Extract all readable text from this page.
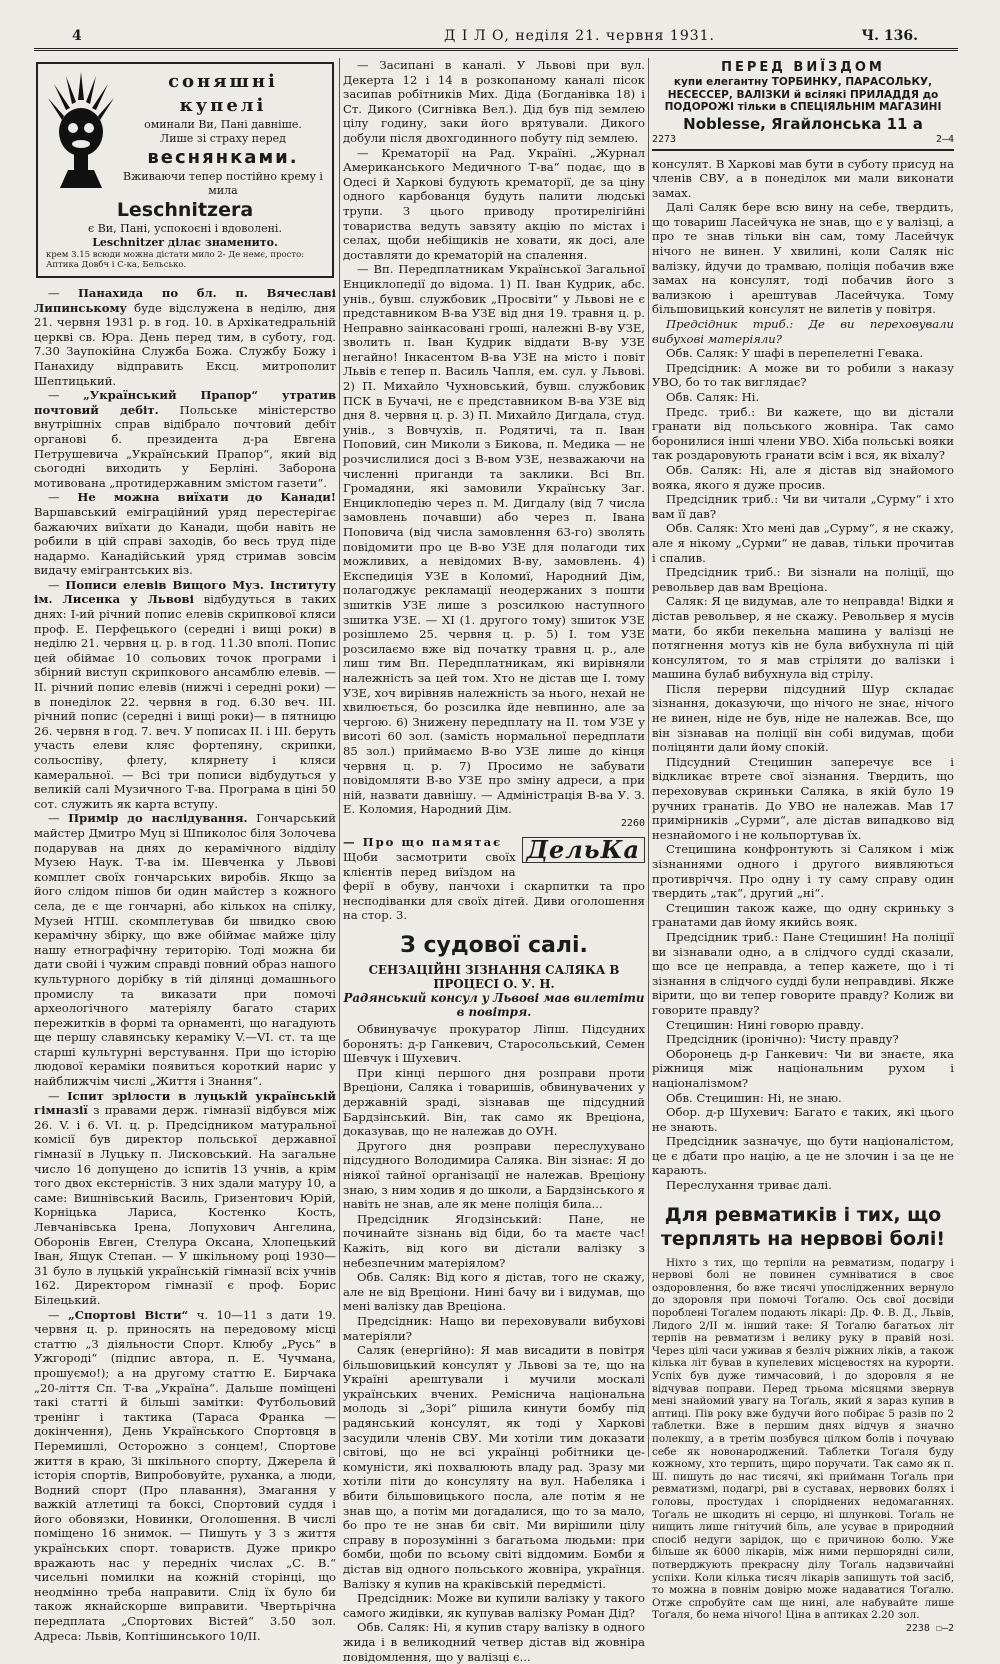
4	Д І Л О, неділя 21. червня 1931.	Ч. 136.
соняшні купелі
оминали Ви, Пані давніше.
Лише зі страху перед
веснянками.
Вживаючи тепер постійно крему і мила
Leschnitzera
є Ви, Пані, успокоєні і вдоволені.
Leschnitzer ділає знаменито.
крем 3.15 всюди можна дістати мило 2- Де немє, просто: Аптика Довбч і С-ка, Бельсько.

— Панахида по бл. п. Вячеславі Липинському буде відслужена в неділю, дня 21. червня 1931 р. в год. 10. в Архікатедральній церкві св. Юра. День перед тим, в суботу, год. 7.30 Заупокійна Служба Божа. Службу Божу і Панахиду відправить Ексц. митрополит Шептицький.

— „Український Прапор“ утратив почтовий дебіт. Польське міністерство внутрішніх справ відібрало почтовий дебіт органові б. президента д-ра Евгена Петрушевича „Український Прапор“, який від сьогодні виходить у Берліні. Заборона мотивована „протидержавним змістом газети“.

— Не можна виїхати до Канади! Варшавський еміграційний уряд перестерігає бажаючих виїхати до Канади, щоби навіть не робили в цій справі заходів, бо весь труд піде надармо. Канадійський уряд стримав зовсім видачу емігрантських віз.

— Пописи елевів Вищого Муз. Інституту ім. Лисенка у Львові відбудуться в таких днях: І-ий річний попис елевів скрипкової кляси проф. Е. Перфецького (середні і вищі роки) в неділю 21. червня ц. р. в год. 11.30 вполі. Попис цей обіймає 10 сольових точок програми і збірний виступ скрипкового ансамблю елевів. — ІІ. річний попис елевів (нижчі і середні роки) — в понеділок 22. червня в год. 6.30 веч. ІІІ. річний попис (середні і вищі роки)— в пятницю 26. червня в год. 7. веч. У пописах ІІ. і ІІІ. беруть участь елеви кляс фортепяну, скрипки, сольоспіву, флету, клярнету і кляси камеральної. — Всі три пописи відбудуться у великій салі Музичного Т-ва. Програма в ціні 50 сот. служить як карта вступу.

— Примір до наслідування. Гончарський майстер Дмитро Муц зі Шпиколос біля Золочева подарував на днях до керамічного відділу Музею Наук. Т-ва ім. Шевченка у Львові комплет своїх гончарських виробів. Якщо за його слідом пішов би один майстер з кожного села, де є ще гончарні, або кількох на спілку, Музей НТШ. скомплетував би швидко свою керамічну збірку, що вже обіймає майже цілу нашу етнографічну територію. Тоді можна би дати свойі і чужим справді повний образ нашого культурного дорібку в тій ділянці домашнього промислу та виказати при помочі археологічного матеріялу багато старих пережитків в формі та орнаменті, що нагадують ще першу славянську кераміку V.—VI. ст. та ще старші культурні верстування. При що історію людової кераміки появиться короткий нарис у найближчім числі „Життя і Знання“.

— Іспит зрілости в луцькій українській гімназії з правами держ. гімназії відбувся між 26. V. і 6. VI. ц. р. Предсідником матуральної комісії був директор польської державної гімназії в Луцьку п. Лисковський. На загальне число 16 допущено до іспитів 13 учнів, а крім того двох екстерністів. З них здали матуру 10, а саме: Вишнівський Василь, Гризентович Юрій, Корніцька Лариса, Костенко Кость, Левчанівська Ірена, Лопухович Ангелина, Оборонів Евген, Стелура Оксана, Хлопецький Іван, Ящук Степан. — У шкільному році 1930—31 було в луцькій українській гімназії всіх учнів 162. Директором гімназії є проф. Борис Білецький.

— „Спортові Вісти“ ч. 10—11 з дати 19. червня ц. р. приносять на передовому місці статтю „З діяльности Спорт. Клюбу „Русь“ в Ужгороді“ (підпис автора, п. Е. Чучмана, прошуємо!); а на другому статтю Е. Бирчака „20-ліття Сп. Т-ва „Україна“. Дальше поміщені такі статті й більші замітки: Футбольовий тренінг і тактика (Тараса Франка — докінчення), День Українського Спортовця в Перемишлі, Осторожно з сонцем!, Спортове життя в краю, Зі шкільного спорту, Джерела й історія спортів, Випробовуйте, руханка, а люди, Водний спорт (Про плавання), Змагання у важкій атлетиці та боксі, Спортовий суддя і його обовязки, Новинки, Оголошення. В числі поміщено 16 знимок. — Пишуть у З з життя українських спорт. товариств. Дуже прикро вражають нас у передніх числах „С. В.“ чисельні помилки на кожній сторінці, що неодмінно треба направити. Слід їх було би також якнайскорше виправити. Чвертьрічна передплата „Спортових Вістей“ 3.50 зол. Адреса: Львів, Коптішинського 10/ІІ.

— Засипані в каналі. У Львові при вул. Декерта 12 і 14 в розкопаному каналі пісок засипав робітників Мих. Діда (Богданівка 18) і Ст. Дикого (Сигнівка Вел.). Дід був під землею цілу годину, заки його врятували. Дикого добули після двохгодинного побуту під землею.

— Крематорії на Рад. Україні. „Журнал Американського Медичного Т-ва“ подає, що в Одесі й Харкові будують крематорії, де за ціну одного карбованця будуть палити людські трупи. З цього приводу протирелігійні товариства ведуть завзяту акцію по містах і селах, щоби небіщиків не ховати, як досі, але доставляти до крематорій на спалення.

— Вп. Передплатникам Української Загальної Енциклопедії до відома. 1) П. Іван Кудрик, абс. унів., бувш. службовик „Просвіти“ у Львові не є представником В-ва УЗЕ від дня 19. травня ц. р. Неправно заінкасовані гроші, належні В-ву УЗЕ, зволить п. Іван Кудрик віддати В-ву УЗЕ негайно! Інкасентом В-ва УЗЕ на місто і повіт Львів є тепер п. Василь Чапля, ем. сул. у Львові. 2) П. Михайло Чухновський, бувш. службовик ПСК в Бучачі, не є представником В-ва УЗЕ від дня 8. червня ц. р. 3) П. Михайло Дигдала, студ. унів., з Вовчухів, п. Родятичі, та п. Іван Поповий, син Миколи з Бикова, п. Медика — не розчислилися досі з В-вом УЗЕ, незважаючи на численні приганди та заклики. Всі Вп. Громадяни, які замовили Українську Заг. Енциклопедію через п. М. Дигдалу (від 7 числа замовлень почавши) або через п. Івана Поповича (від числа замовлення 63-го) зволять повідомити про це В-во УЗЕ для полагоди тих можливих, а невідомих В-ву, замовлень. 4) Експедиція УЗЕ в Коломиї, Народний Дім, полагоджує рекламації неодержаних з пошти зшитків УЗЕ лише з розсилкою наступного зшитка УЗЕ. — XI (1. другого тому) зшиток УЗЕ розішлемо 25. червня ц. р. 5) І. том УЗЕ розсилаємо вже від початку травня ц. р., але лиш тим Вп. Передплатникам, які вирівняли належність за цей том. Хто не дістав ще І. тому УЗЕ, хоч вирівняв належність за нього, нехай не хвилюється, бо розсилка йде невпинно, але за чергою. 6) Знижену передплату на ІІ. том УЗЕ у висоті 60 зол. (замість нормальної передплати 85 зол.) приймаємо В-во УЗЕ лише до кінця червня ц. р. 7) Просимо не забувати повідомляти В-во УЗЕ про зміну адреси, а при ній, назвати давнішу. — Адміністрація В-ва У. З. Е. Коломия, Народний Дім.

2260

ДельКа

— Про що памятає

Щоби засмотрити своїх клієнтів перед виїздом на ферії в обуву, панчохи і скарпитки та про несподіванки для своїх дітей. Диви оголошення на стор. 3.

З судової салі.
СЕНЗАЦІЙНІ ЗІЗНАННЯ САЛЯКА В ПРОЦЕСІ О. У. Н.
Радянський консул у Львові мав вилетіти в повітря.

Обвинувачує прокуратор Ліпш. Підсудних боронять: д-р Ганкевич, Старосольський, Семен Шевчук і Шухевич.

При кінці першого дня розправи проти Вреціони, Саляка і товаришів, обвинувачених у державній зраді, зізнавав ще підсудний Бардзінський. Він, так само як Вреціона, доказував, що не належав до ОУН.

Другого дня розправи переслухувано підсудного Володимира Саляка. Він зізнає: Я до ніякої тайної організації не належав. Вреціону знаю, з ним ходив я до школи, а Бардзінського я навіть не знав, але як мене поліція била...

Предсідник Ягодзінський: Пане, не починайте зізнань від біди, бо та маєте час! Кажіть, від кого ви дістали валізку з небезпечним матеріялом?

Обв. Саляк: Від кого я дістав, того не скажу, але не від Вреціони. Нині бачу ви і видумав, що мені валізку дав Вреціона.

Предсідник: Нащо ви переховували вибухові матеріяли?

Саляк (енергійно): Я мав висадити в повітря більшовицький консулят у Львові за те, що на Україні арештували і мучили москалі українських вчених. Ремісничa національна молодь зі „Зорі“ рішила кинути бомбу під радянський консулят, як тоді у Харкові засудили членів СВУ. Ми хотіли тим доказати світові, що не всі українці робітники це-комуністи, які похвалюють владу рад. Зразу ми хотіли піти до консуляту на вул. Набеляка і вбити більшовицького посла, але потім я не знав що, а потім ми догадалися, що то за мало, бо про те не знав би світ. Ми вирішили цілу справу в порозумінні з багатьома людьми: при бомби, щоби по всьому світі віддомим. Бомби я дістав від одного польського жовніра, українця. Валізку я купив на краківській передмісті.

Предсідник: Може ви купили валізку у такого самого жидівки, як купував валізку Роман Дід?

Обв. Саляк: Ні, я купив стару валізку в одного жида і в великодний четвер дістав від жовніра повідомлення, що у валізці є...

ПЕРЕД ВИЇЗДОМ
купи елегантну ТОРБИНКУ, ПАРАСОЛЬКУ, НЕСЕССЕР, ВАЛІЗКИ й всілякі ПРИЛАДДЯ до ПОДОРОЖІ тільки в СПЕЦІЯЛЬНІМ МАГАЗИНІ
Noblesse, Ягайлонська 11 а
2273	2—4

консулят. В Харкові мав бути в суботу присуд на членів СВУ, а в понеділок ми мали виконати замах.

Далі Саляк бере всю вину на себе, твердить, що товариш Ласейчука не знав, що є у валізці, а про те знав тільки він сам, тому Ласейчук нічого не винен. У хвилині, коли Саляк ніс валізку, йдучи до трамваю, поліція побачив вже замах на консулят, тоді пoбачив його з вализкою і арештував Ласейчука. Тому більшовицький консулят не вилетів у повітря.

Предсідник триб.: Де ви переховували вибухові матеріяли?

Обв. Саляк: У шафі в перепелетні Гевака.

Предсідник: А може ви то робили з наказу УВО, бо то так виглядає?

Обв. Саляк: Ні.

Предс. триб.: Ви кажете, що ви дістали гранати від польського жовніра. Так само боронилися інші члени УВО. Хіба польські вояки так роздаровують гранати всім і вся, як віхалу?

Обв. Саляк: Ні, але я дістав від знайомого вояка, якого я дуже просив.

Предсідник триб.: Чи ви читали „Сурму“ і хто вам її дав?

Обв. Саляк: Хто мені дав „Сурму“, я не скажу, але я нікому „Сурми“ не давав, тільки прочитав і спалив.

Предсідник триб.: Ви зізнали на поліції, що револьвер дав вам Вреціона.

Саляк: Я це видумав, але то неправда! Відки я дістав револьвер, я не скажу. Револьвер я мусів мати, бо якби пекельна машина у валізці не потягнення мотуз ків не була вибухнула пі цій консулятом, то я мав стріляти до валізки і машина булаб вибухнула від стрілу.

Після перерви підсудний Шур складає зізнання, доказуючи, що нічого не знає, нічого не винен, ніде не був, ніде не належав. Все, що він зізнавав на поліції він собі видумав, щоби поліцянти дали йому спокій.

Підсудний Стецишин заперечує все і відкликає втрете свої зізнання. Твердить, що переховував скриньки Саляка, в якій було 19 ручних гранатів. До УВО не належав. Мав 17 примірників „Сурми“, але дістав випадково від незнайомого і не кольпортував їх.

Стецишина конфронтують зі Саляком і між зізнаннями одного і другого виявляються противріччя. Про одну і ту саму справу один твердить „так“, другий „ні“.

Стецишин також каже, що одну скриньку з гранатами дав йому якийсь вояк.

Предсідник триб.: Пане Стецишин! На поліції ви зізнавали одно, а в слідчого судді сказали, що все це неправда, а тепер кажете, що і ті зізнання в слідчого судді були неправдиві. Якже вірити, що ви тепер говорите правду? Колиж ви говорите правду?

Стецишин: Нині говорю правду.

Предсідник (іронічно): Чисту правду?

Оборонець д-р Ганкевич: Чи ви знаєте, яка ріжниця між національним рухом і націоналізмом?

Обв. Стецишин: Ні, не знаю.

Обор. д-р Шухевич: Багато є таких, які цього не знають.

Предсідник зазначує, що бути націоналістом, це є дбати про націю, а це не злочин і за це не карають.

Переслухання триває далі.

Для ревматиків і тих, що терплять на нервові болі!

Ніхто з тих, що терпіли на ревматизм, подагру і нервові болі не повинен сумніватися в своє оздоровлення, бо вже тисячі упослідженних вернуло до здоровля при помочі Тоґалю. Ось свої досвіди пороблені Тоґалем подають лікарі: Др. Ф. В. Д., Львів, Лидогo 2/II м. інший таке: Я Тоґалю багатьох літ терпів на ревматизм і велику руку в правій нозі. Через цілі часи уживав я безліч ріжних ліків, а також кілька літ бував в купелевих місцевостях на курорти. Успіх був дуже тимчасовий, і до здоровля я не відчував поправи. Перед трьома місяцями звернув мені знайомий увагу на Тоґаль, який я зараз купив в аптиці. Пів року вже будучи його побірає 5 разів по 2 таблетки. Вже в першим днях відчув я значно полекшу, а в третім позбувся цілком болів і почуваю себе як новонароджений. Таблетки Тоґаля буду кожному, хто терпить, щиро поручати. Так само як п. Ш. пишуть до нас тисячі, які прийманн Тоґаль при ревматизмі, подагрі, рві в суставах, нервових болях і головы, простудах і споріднених недомаганнях. Тоґаль не шкодить ні серцю, ні шлункові. Тоґаль не нищить лише гнітучий біль, але усуває в природний спосіб недуги зарідок, що є причиною болю. Уже більше як 6000 лікарів, між ними першорядні сили, потверджують прекрасну ділу Тоґаль надзвичайні успіхи. Коли кілька тисяч лікарів запишуть той засіб, то можна в повнім довірю може надаватися Тоґалю. Отже спробуйте сам ще нині, але набувайте лише Тоґаля, бо нема нічого! Ціна в аптиках 2.20 зол.

2238 ☐—2
